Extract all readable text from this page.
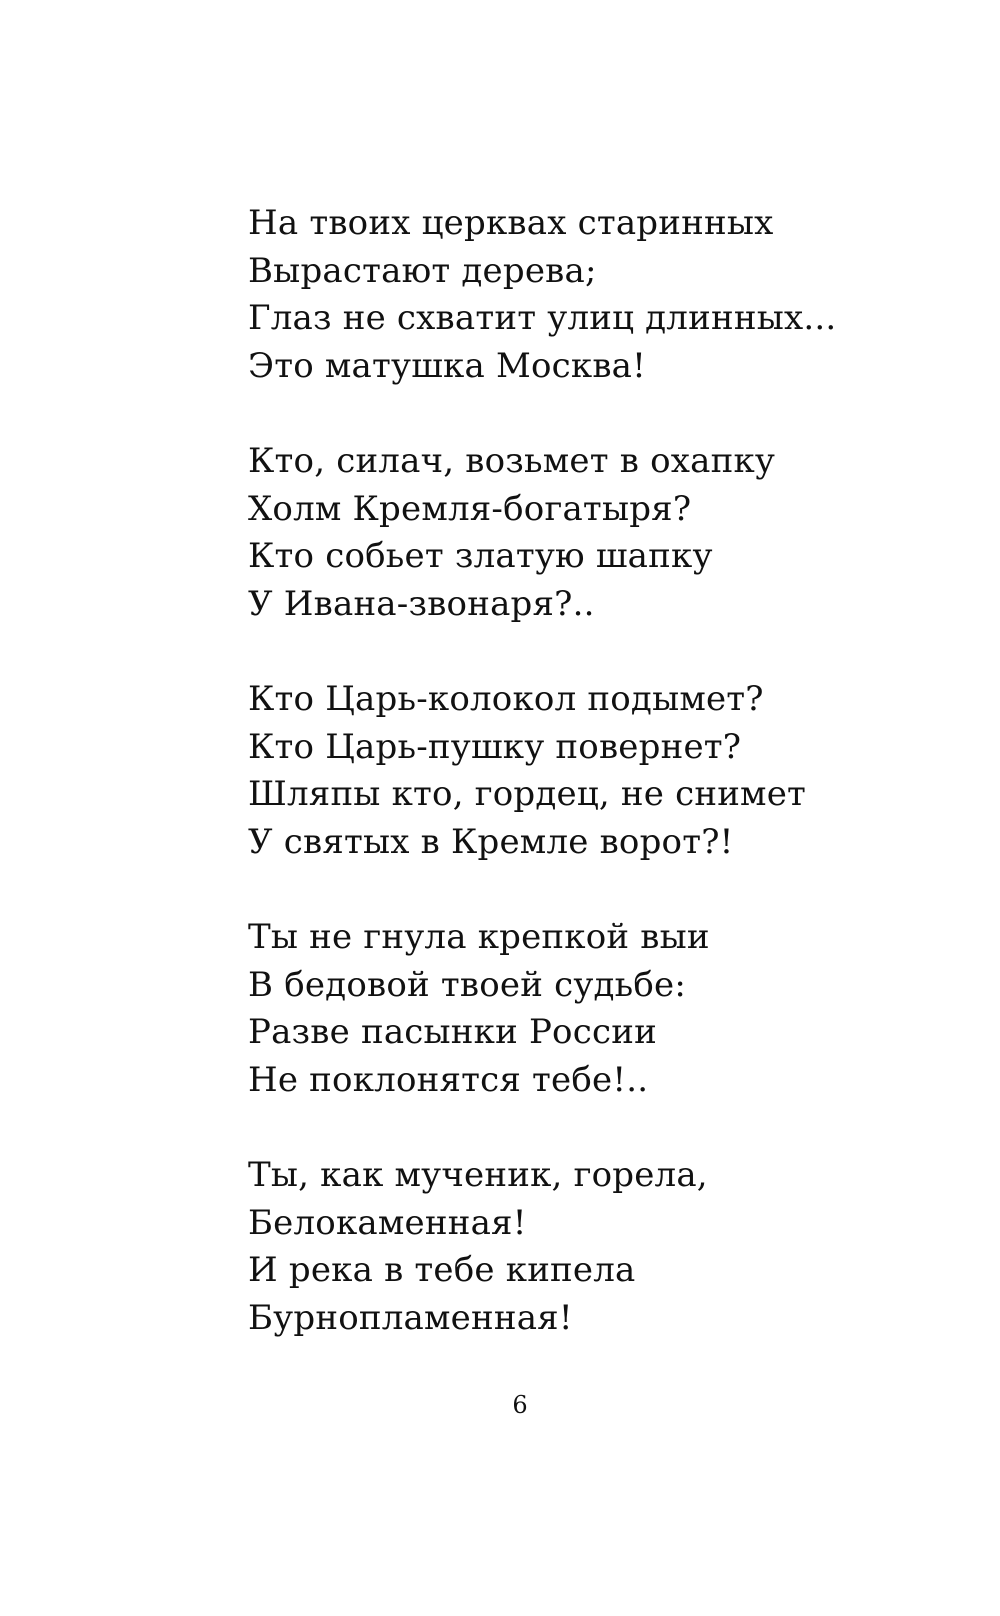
На твоих церквах старинных
Вырастают дерева;
Глаз не схватит улиц длинных...
Это матушка Москва!
Кто, силач, возьмет в охапку
Холм Кремля-богатыря?
Кто собьет златую шапку
У Ивана-звонаря?..
Кто Царь-колокол подымет?
Кто Царь-пушку повернет?
Шляпы кто, гордец, не снимет
У святых в Кремле ворот?!
Ты не гнула крепкой выи
В бедовой твоей судьбе:
Разве пасынки России
Не поклонятся тебе!..
Ты, как мученик, горела,
Белокаменная!
И река в тебе кипела
Бурнопламенная!
6
